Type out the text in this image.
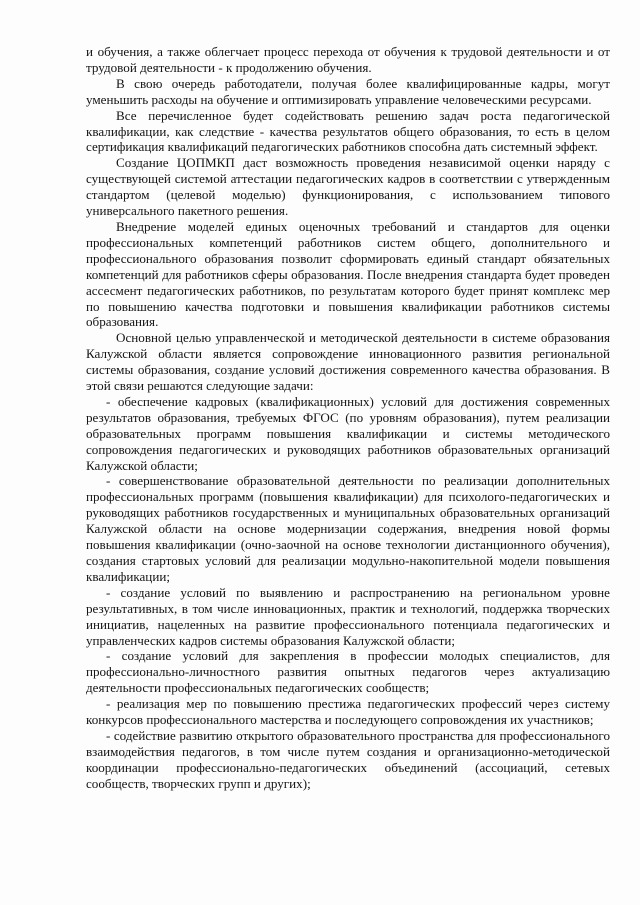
и обучения, а также облегчает процесс перехода от обучения к трудовой деятельности и от трудовой деятельности - к продолжению обучения.

В свою очередь работодатели, получая более квалифицированные кадры, могут уменьшить расходы на обучение и оптимизировать управление человеческими ресурсами.

Все перечисленное будет содействовать решению задач роста педагогической квалификации, как следствие - качества результатов общего образования, то есть в целом сертификация квалификаций педагогических работников способна дать системный эффект.

Создание ЦОПМКП даст возможность проведения независимой оценки наряду с существующей системой аттестации педагогических кадров в соответствии с утвержденным стандартом (целевой моделью) функционирования, с использованием типового универсального пакетного решения.

Внедрение моделей единых оценочных требований и стандартов для оценки профессиональных компетенций работников систем общего, дополнительного и профессионального образования позволит сформировать единый стандарт обязательных компетенций для работников сферы образования. После внедрения стандарта будет проведен ассесмент педагогических работников, по результатам которого будет принят комплекс мер по повышению качества подготовки и повышения квалификации работников системы образования.

Основной целью управленческой и методической деятельности в системе образования Калужской области является сопровождение инновационного развития региональной системы образования, создание условий достижения современного качества образования. В этой связи решаются следующие задачи:

- обеспечение кадровых (квалификационных) условий для достижения современных результатов образования, требуемых ФГОС (по уровням образования), путем реализации образовательных программ повышения квалификации и системы методического сопровождения педагогических и руководящих работников образовательных организаций Калужской области;

- совершенствование образовательной деятельности по реализации дополнительных профессиональных программ (повышения квалификации) для психолого-педагогических и руководящих работников государственных и муниципальных образовательных организаций Калужской области на основе модернизации содержания, внедрения новой формы повышения квалификации (очно-заочной на основе технологии дистанционного обучения), создания стартовых условий для реализации модульно-накопительной модели повышения квалификации;

- создание условий по выявлению и распространению на региональном уровне результативных, в том числе инновационных, практик и технологий, поддержка творческих инициатив, нацеленных на развитие профессионального потенциала педагогических и управленческих кадров системы образования Калужской области;

- создание условий для закрепления в профессии молодых специалистов, для профессионально-личностного развития опытных педагогов через актуализацию деятельности профессиональных педагогических сообществ;

- реализация мер по повышению престижа педагогических профессий через систему конкурсов профессионального мастерства и последующего сопровождения их участников;

- содействие развитию открытого образовательного пространства для профессионального взаимодействия педагогов, в том числе путем создания и организационно-методической координации профессионально-педагогических объединений (ассоциаций, сетевых сообществ, творческих групп и других);
